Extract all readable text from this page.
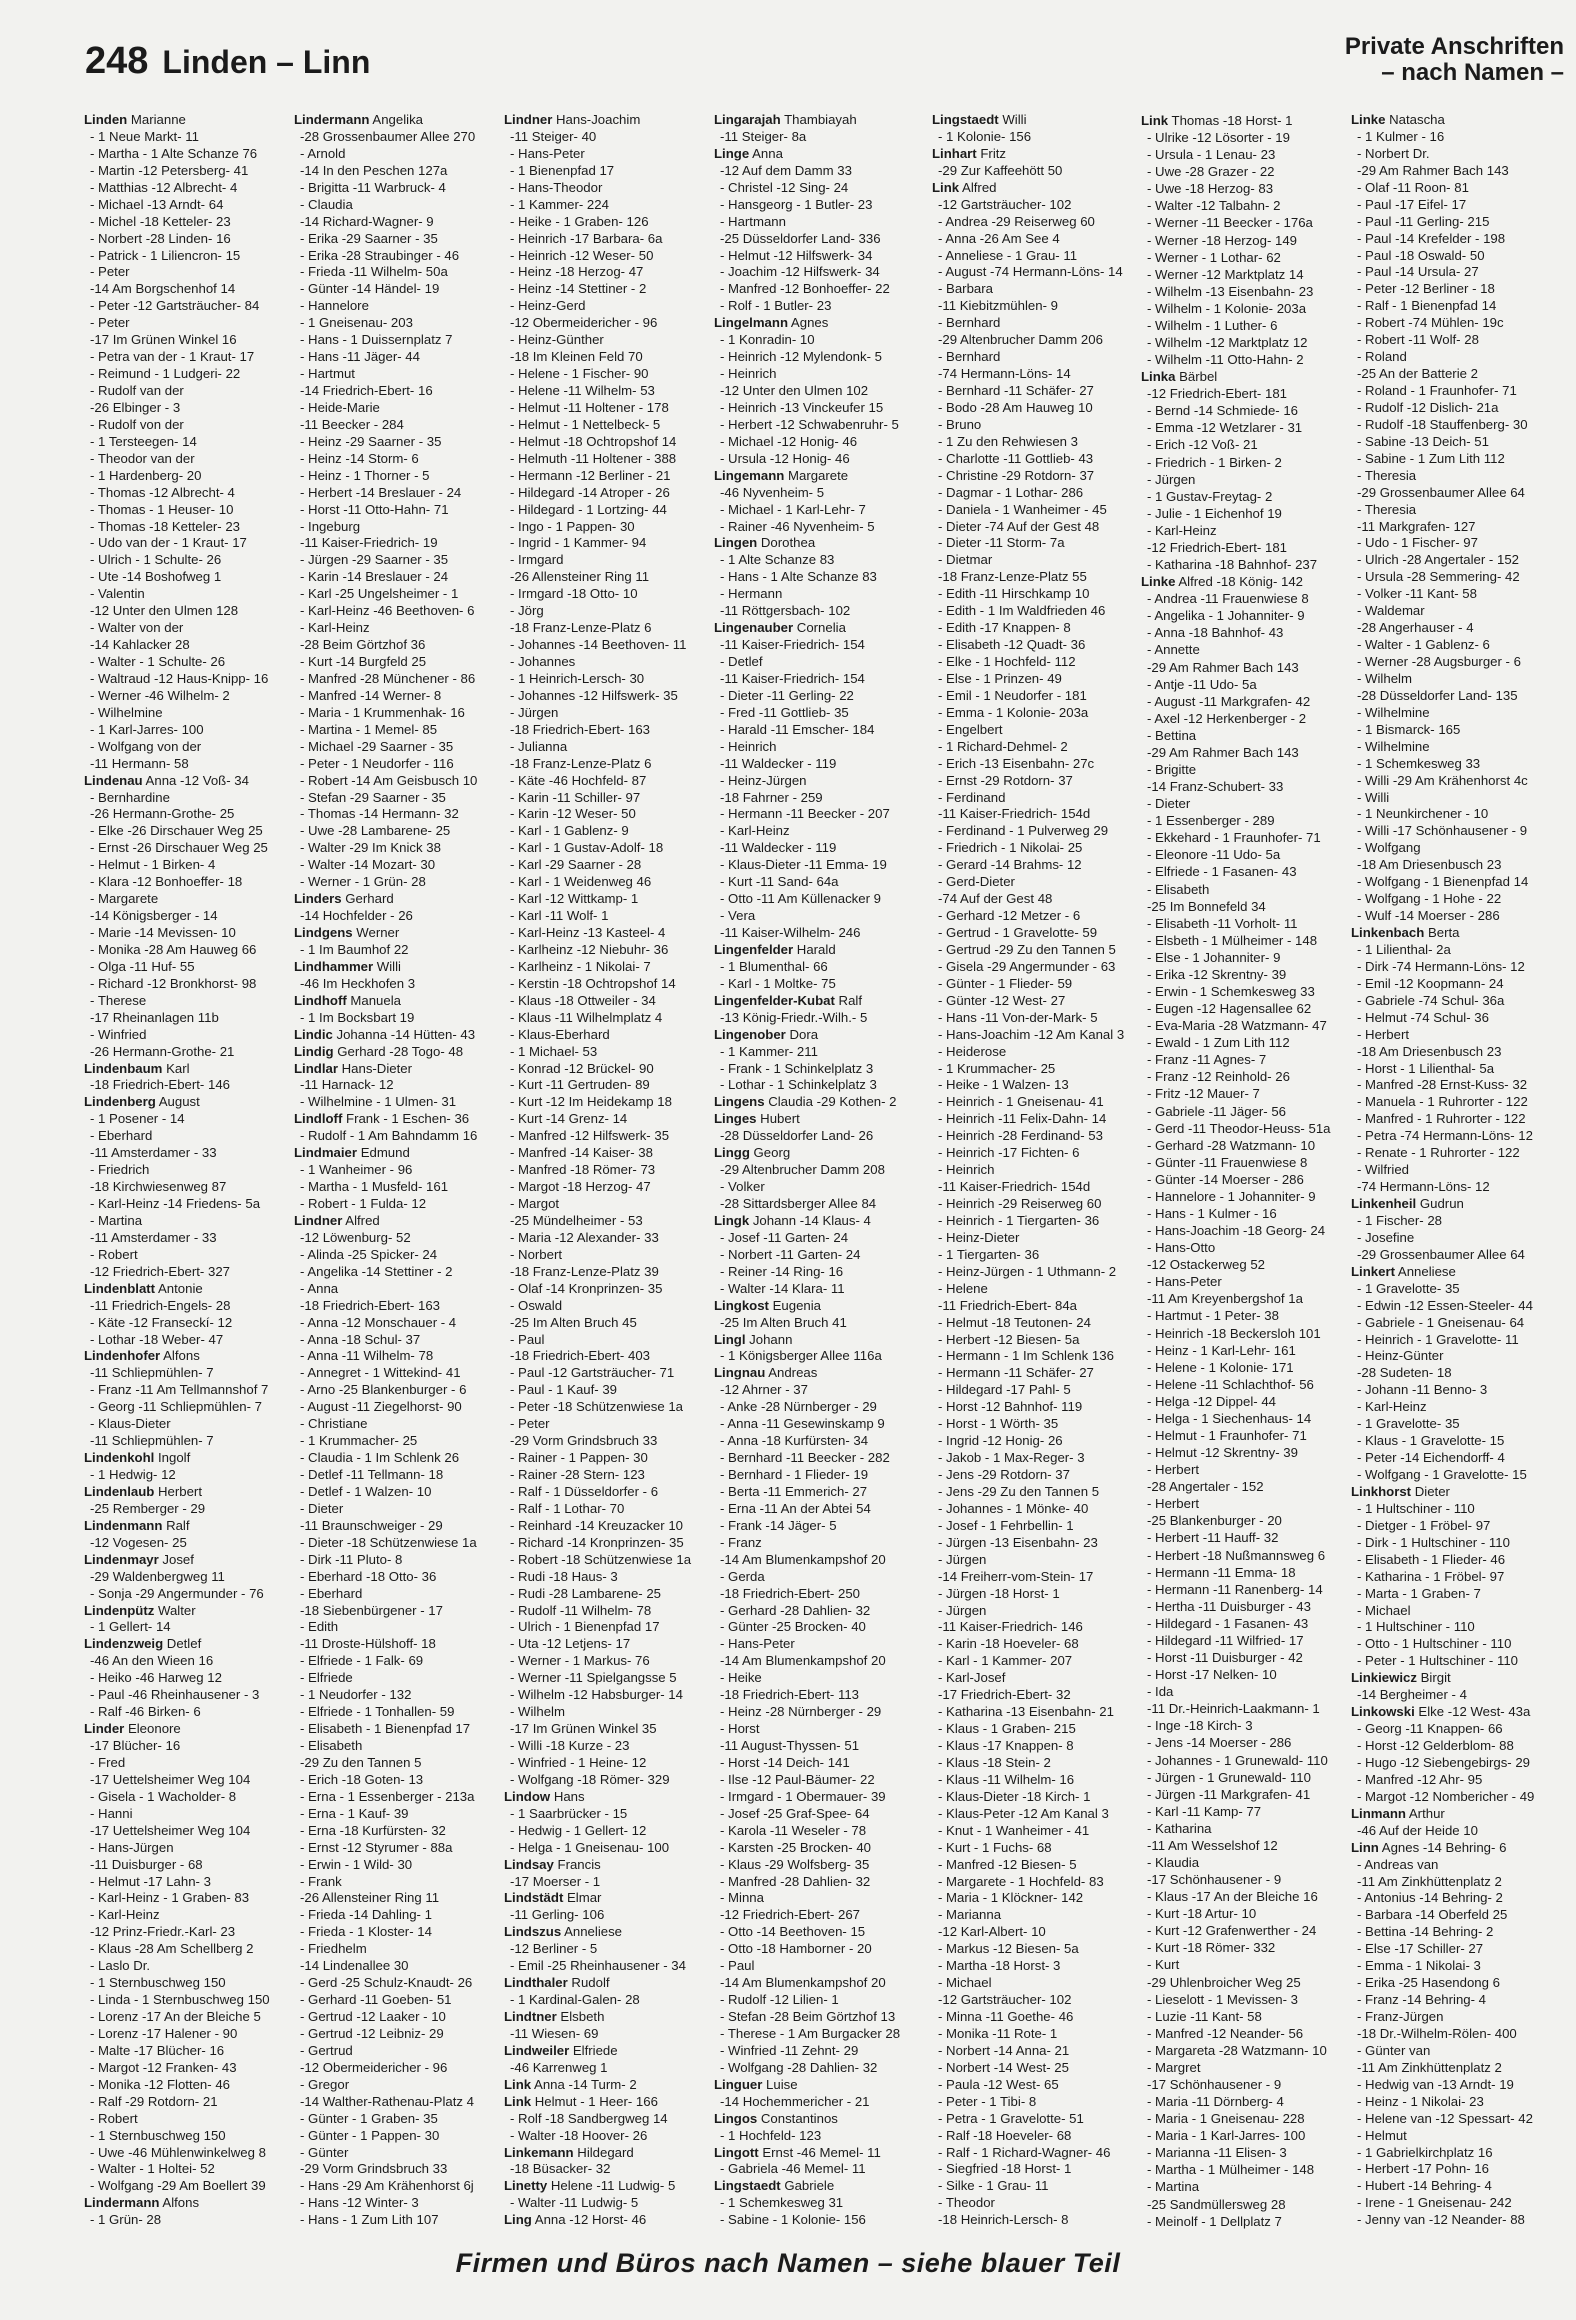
248 Linden – Linn	Private Anschriften
– nach Namen –
Linden Marianne
- 1 Neue Markt- 11
- Martha - 1 Alte Schanze 76
- Martin -12 Petersberg- 41
- Matthias -12 Albrecht- 4
- Michael -13 Arndt- 64
- Michel -18 Ketteler- 23
- Norbert -28 Linden- 16
- Patrick - 1 Liliencron- 15
- Peter
-14 Am Borgschenhof 14
- Peter -12 Gartsträucher- 84
- Peter
-17 Im Grünen Winkel 16
- Petra van der - 1 Kraut- 17
- Reimund - 1 Ludgeri- 22
- Rudolf van der
-26 Elbinger - 3
- Rudolf von der
- 1 Tersteegen- 14
- Theodor van der
- 1 Hardenberg- 20
- Thomas -12 Albrecht- 4
- Thomas - 1 Heuser- 10
- Thomas -18 Ketteler- 23
- Udo van der - 1 Kraut- 17
- Ulrich - 1 Schulte- 26
- Ute -14 Boshofweg 1
- Valentin
-12 Unter den Ulmen 128
- Walter von der
-14 Kahlacker 28
- Walter - 1 Schulte- 26
- Waltraud -12 Haus-Knipp- 16
- Werner -46 Wilhelm- 2
- Wilhelmine
- 1 Karl-Jarres- 100
- Wolfgang von der
-11 Hermann- 58
Lindenau Anna -12 Voß- 34
- Bernhardine
-26 Hermann-Grothe- 25
- Elke -26 Dirschauer Weg 25
- Ernst -26 Dirschauer Weg 25
- Helmut - 1 Birken- 4
- Klara -12 Bonhoeffer- 18
- Margarete
-14 Königsberger - 14
- Marie -14 Mevissen- 10
- Monika -28 Am Hauweg 66
- Olga -11 Huf- 55
- Richard -12 Bronkhorst- 98
- Therese
-17 Rheinanlagen 11b
- Winfried
-26 Hermann-Grothe- 21
Lindenbaum Karl
-18 Friedrich-Ebert- 146
Lindenberg August
- 1 Posener - 14
- Eberhard
-11 Amsterdamer - 33
- Friedrich
-18 Kirchwiesenweg 87
- Karl-Heinz -14 Friedens- 5a
- Martina
-11 Amsterdamer - 33
- Robert
-12 Friedrich-Ebert- 327
Lindenblatt Antonie
-11 Friedrich-Engels- 28
- Käte -12 Franseckí- 12
- Lothar -18 Weber- 47
Lindenhofer Alfons
-11 Schliepmühlen- 7
- Franz -11 Am Tellmannshof 7
- Georg -11 Schliepmühlen- 7
- Klaus-Dieter
-11 Schliepmühlen- 7
Lindenkohl Ingolf
- 1 Hedwig- 12
Lindenlaub Herbert
-25 Remberger - 29
Lindenmann Ralf
-12 Vogesen- 25
Lindenmayr Josef
-29 Waldenbergweg 11
- Sonja -29 Angermunder - 76
Lindenpütz Walter
- 1 Gellert- 14
Lindenzweig Detlef
-46 An den Wieen 16
- Heiko -46 Harweg 12
- Paul -46 Rheinhausener - 3
- Ralf -46 Birken- 6
Linder Eleonore
-17 Blücher- 16
- Fred
-17 Uettelsheimer Weg 104
- Gisela - 1 Wacholder- 8
- Hanni
-17 Uettelsheimer Weg 104
- Hans-Jürgen
-11 Duisburger - 68
- Helmut -17 Lahn- 3
- Karl-Heinz - 1 Graben- 83
- Karl-Heinz
-12 Prinz-Friedr.-Karl- 23
- Klaus -28 Am Schellberg 2
- Laslo Dr.
- 1 Sternbuschweg 150
- Linda - 1 Sternbuschweg 150
- Lorenz -17 An der Bleiche 5
- Lorenz -17 Halener - 90
- Malte -17 Blücher- 16
- Margot -12 Franken- 43
- Monika -12 Flotten- 46
- Ralf -29 Rotdorn- 21
- Robert
- 1 Sternbuschweg 150
- Uwe -46 Mühlenwinkelweg 8
- Walter - 1 Holtei- 52
- Wolfgang -29 Am Boellert 39
Lindermann Alfons
- 1 Grün- 28
Lindermann Angelika
-28 Grossenbaumer Allee 270
- Arnold
-14 In den Peschen 127a
- Brigitta -11 Warbruck- 4
- Claudia
-14 Richard-Wagner- 9
- Erika -29 Saarner - 35
- Erika -28 Straubinger - 46
- Frieda -11 Wilhelm- 50a
- Günter -14 Händel- 19
- Hannelore
- 1 Gneisenau- 203
- Hans - 1 Duissernplatz 7
- Hans -11 Jäger- 44
- Hartmut
-14 Friedrich-Ebert- 16
- Heide-Marie
-11 Beecker - 284
- Heinz -29 Saarner - 35
- Heinz -14 Storm- 6
- Heinz - 1 Thorner - 5
- Herbert -14 Breslauer - 24
- Horst -11 Otto-Hahn- 71
- Ingeburg
-11 Kaiser-Friedrich- 19
- Jürgen -29 Saarner - 35
- Karin -14 Breslauer - 24
- Karl -25 Ungelsheimer - 1
- Karl-Heinz -46 Beethoven- 6
- Karl-Heinz
-28 Beim Görtzhof 36
- Kurt -14 Burgfeld 25
- Manfred -28 Münchener - 86
- Manfred -14 Werner- 8
- Maria - 1 Krummenhak- 16
- Martina - 1 Memel- 85
- Michael -29 Saarner - 35
- Peter - 1 Neudorfer - 116
- Robert -14 Am Geisbusch 10
- Stefan -29 Saarner - 35
- Thomas -14 Hermann- 32
- Uwe -28 Lambarene- 25
- Walter -29 Im Knick 38
- Walter -14 Mozart- 30
- Werner - 1 Grün- 28
Linders Gerhard
-14 Hochfelder - 26
Lindgens Werner
- 1 Im Baumhof 22
Lindhammer Willi
-46 Im Heckhofen 3
Lindhoff Manuela
- 1 Im Bocksbart 19
Lindic Johanna -14 Hütten- 43
Lindig Gerhard -28 Togo- 48
Lindlar Hans-Dieter
-11 Harnack- 12
- Wilhelmine - 1 Ulmen- 31
Lindloff Frank - 1 Eschen- 36
- Rudolf - 1 Am Bahndamm 16
Lindmaier Edmund
- 1 Wanheimer - 96
- Martha - 1 Musfeld- 161
- Robert - 1 Fulda- 12
Lindner Alfred
-12 Löwenburg- 52
- Alinda -25 Spicker- 24
- Angelika -14 Stettiner - 2
- Anna
-18 Friedrich-Ebert- 163
- Anna -12 Monschauer - 4
- Anna -18 Schul- 37
- Anna -11 Wilhelm- 78
- Annegret - 1 Wittekind- 41
- Arno -25 Blankenburger - 6
- August -11 Ziegelhorst- 90
- Christiane
- 1 Krummacher- 25
- Claudia - 1 Im Schlenk 26
- Detlef -11 Tellmann- 18
- Detlef - 1 Walzen- 10
- Dieter
-11 Braunschweiger - 29
- Dieter -18 Schützenwiese 1a
- Dirk -11 Pluto- 8
- Eberhard -18 Otto- 36
- Eberhard
-18 Siebenbürgener - 17
- Edith
-11 Droste-Hülshoff- 18
- Elfriede - 1 Falk- 69
- Elfriede
- 1 Neudorfer - 132
- Elfriede - 1 Tonhallen- 59
- Elisabeth - 1 Bienenpfad 17
- Elisabeth
-29 Zu den Tannen 5
- Erich -18 Goten- 13
- Erna - 1 Essenberger - 213a
- Erna - 1 Kauf- 39
- Erna -18 Kurfürsten- 32
- Ernst -12 Styrumer - 88a
- Erwin - 1 Wild- 30
- Frank
-26 Allensteiner Ring 11
- Frieda -14 Dahling- 1
- Frieda - 1 Kloster- 14
- Friedhelm
-14 Lindenallee 30
- Gerd -25 Schulz-Knaudt- 26
- Gerhard -11 Goeben- 51
- Gertrud -12 Laaker - 10
- Gertrud -12 Leibniz- 29
- Gertrud
-12 Obermeidericher - 96
- Gregor
-14 Walther-Rathenau-Platz 4
- Günter - 1 Graben- 35
- Günter - 1 Pappen- 30
- Günter
-29 Vorm Grindsbruch 33
- Hans -29 Am Krähenhorst 6j
- Hans -12 Winter- 3
- Hans - 1 Zum Lith 107
Lindner Hans-Joachim
-11 Steiger- 40
- Hans-Peter
- 1 Bienenpfad 17
- Hans-Theodor
- 1 Kammer- 224
- Heike - 1 Graben- 126
- Heinrich -17 Barbara- 6a
- Heinrich -12 Weser- 50
- Heinz -18 Herzog- 47
- Heinz -14 Stettiner - 2
- Heinz-Gerd
-12 Obermeidericher - 96
- Heinz-Günther
-18 Im Kleinen Feld 70
- Helene - 1 Fischer- 90
- Helene -11 Wilhelm- 53
- Helmut -11 Holtener - 178
- Helmut - 1 Nettelbeck- 5
- Helmut -18 Ochtropshof 14
- Helmuth -11 Holtener - 388
- Hermann -12 Berliner - 21
- Hildegard -14 Atroper - 26
- Hildegard - 1 Lortzing- 44
- Ingo - 1 Pappen- 30
- Ingrid - 1 Kammer- 94
- Irmgard
-26 Allensteiner Ring 11
- Irmgard -18 Otto- 10
- Jörg
-18 Franz-Lenze-Platz 6
- Johannes -14 Beethoven- 11
- Johannes
- 1 Heinrich-Lersch- 30
- Johannes -12 Hilfswerk- 35
- Jürgen
-18 Friedrich-Ebert- 163
- Julianna
-18 Franz-Lenze-Platz 6
- Käte -46 Hochfeld- 87
- Karin -11 Schiller- 97
- Karin -12 Weser- 50
- Karl - 1 Gablenz- 9
- Karl - 1 Gustav-Adolf- 18
- Karl -29 Saarner - 28
- Karl - 1 Weidenweg 46
- Karl -12 Wittkamp- 1
- Karl -11 Wolf- 1
- Karl-Heinz -13 Kasteel- 4
- Karlheinz -12 Niebuhr- 36
- Karlheinz - 1 Nikolai- 7
- Kerstin -18 Ochtropshof 14
- Klaus -18 Ottweiler - 34
- Klaus -11 Wilhelmplatz 4
- Klaus-Eberhard
- 1 Michael- 53
- Konrad -12 Brückel- 90
- Kurt -11 Gertruden- 89
- Kurt -12 Im Heidekamp 18
- Kurt -14 Grenz- 14
- Manfred -12 Hilfswerk- 35
- Manfred -14 Kaiser- 38
- Manfred -18 Römer- 73
- Margot -18 Herzog- 47
- Margot
-25 Mündelheimer - 53
- Maria -12 Alexander- 33
- Norbert
-18 Franz-Lenze-Platz 39
- Olaf -14 Kronprinzen- 35
- Oswald
-25 Im Alten Bruch 45
- Paul
-18 Friedrich-Ebert- 403
- Paul -12 Gartsträucher- 71
- Paul - 1 Kauf- 39
- Peter -18 Schützenwiese 1a
- Peter
-29 Vorm Grindsbruch 33
- Rainer - 1 Pappen- 30
- Rainer -28 Stern- 123
- Ralf - 1 Düsseldorfer - 6
- Ralf - 1 Lothar- 70
- Reinhard -14 Kreuzacker 10
- Richard -14 Kronprinzen- 35
- Robert -18 Schützenwiese 1a
- Rudi -18 Haus- 3
- Rudi -28 Lambarene- 25
- Rudolf -11 Wilhelm- 78
- Ulrich - 1 Bienenpfad 17
- Uta -12 Letjens- 17
- Werner - 1 Markus- 76
- Werner -11 Spielgangsse 5
- Wilhelm -12 Habsburger- 14
- Wilhelm
-17 Im Grünen Winkel 35
- Willi -18 Kurze - 23
- Winfried - 1 Heine- 12
- Wolfgang -18 Römer- 329
Lindow Hans
- 1 Saarbrücker - 15
- Hedwig - 1 Gellert- 12
- Helga - 1 Gneisenau- 100
Lindsay Francis
-17 Moerser - 1
Lindstädt Elmar
-11 Gerling- 106
Lindszus Anneliese
-12 Berliner - 5
- Emil -25 Rheinhausener - 34
Lindthaler Rudolf
- 1 Kardinal-Galen- 28
Lindtner Elsbeth
-11 Wiesen- 69
Lindweiler Elfriede
-46 Karrenweg 1
Link Anna -14 Turm- 2
Link Helmut - 1 Heer- 166
- Rolf -18 Sandbergweg 14
- Walter -18 Hoover- 26
Linkemann Hildegard
-18 Büsacker- 32
Linetty Helene -11 Ludwig- 5
- Walter -11 Ludwig- 5
Ling Anna -12 Horst- 46
Lingarajah Thambiayah
-11 Steiger- 8a
Linge Anna
-12 Auf dem Damm 33
- Christel -12 Sing- 24
- Hansgeorg - 1 Butler- 23
- Hartmann
-25 Düsseldorfer Land- 336
- Helmut -12 Hilfswerk- 34
- Joachim -12 Hilfswerk- 34
- Manfred -12 Bonhoeffer- 22
- Rolf - 1 Butler- 23
Lingelmann Agnes
- 1 Konradin- 10
- Heinrich -12 Mylendonk- 5
- Heinrich
-12 Unter den Ulmen 102
- Heinrich -13 Vinckeufer 15
- Herbert -12 Schwabenruhr- 5
- Michael -12 Honig- 46
- Ursula -12 Honig- 46
Lingemann Margarete
-46 Nyvenheim- 5
- Michael - 1 Karl-Lehr- 7
- Rainer -46 Nyvenheim- 5
Lingen Dorothea
- 1 Alte Schanze 83
- Hans - 1 Alte Schanze 83
- Hermann
-11 Röttgersbach- 102
Lingenauber Cornelia
-11 Kaiser-Friedrich- 154
- Detlef
-11 Kaiser-Friedrich- 154
- Dieter -11 Gerling- 22
- Fred -11 Gottlieb- 35
- Harald -11 Emscher- 184
- Heinrich
-11 Waldecker - 119
- Heinz-Jürgen
-18 Fahrner - 259
- Hermann -11 Beecker - 207
- Karl-Heinz
-11 Waldecker - 119
- Klaus-Dieter -11 Emma- 19
- Kurt -11 Sand- 64a
- Otto -11 Am Küllenacker 9
- Vera
-11 Kaiser-Wilhelm- 246
Lingenfelder Harald
- 1 Blumenthal- 66
- Karl - 1 Moltke- 75
Lingenfelder-Kubat Ralf
-13 König-Friedr.-Wilh.- 5
Lingenober Dora
- 1 Kammer- 211
- Frank - 1 Schinkelplatz 3
- Lothar - 1 Schinkelplatz 3
Lingens Claudia -29 Kothen- 2
Linges Hubert
-28 Düsseldorfer Land- 26
Lingg Georg
-29 Altenbrucher Damm 208
- Volker
-28 Sittardsberger Allee 84
Lingk Johann -14 Klaus- 4
- Josef -11 Garten- 24
- Norbert -11 Garten- 24
- Reiner -14 Ring- 16
- Walter -14 Klara- 11
Lingkost Eugenia
-25 Im Alten Bruch 41
Lingl Johann
- 1 Königsberger Allee 116a
Lingnau Andreas
-12 Ahrner - 37
- Anke -28 Nürnberger - 29
- Anna -11 Gesewinskamp 9
- Anna -18 Kurfürsten- 34
- Bernhard -11 Beecker - 282
- Bernhard - 1 Flieder- 19
- Berta -11 Emmerich- 27
- Erna -11 An der Abtei 54
- Frank -14 Jäger- 5
- Franz
-14 Am Blumenkampshof 20
- Gerda
-18 Friedrich-Ebert- 250
- Gerhard -28 Dahlien- 32
- Günter -25 Brocken- 40
- Hans-Peter
-14 Am Blumenkampshof 20
- Heike
-18 Friedrich-Ebert- 113
- Heinz -28 Nürnberger - 29
- Horst
-11 August-Thyssen- 51
- Horst -14 Deich- 141
- Ilse -12 Paul-Bäumer- 22
- Irmgard - 1 Obermauer- 39
- Josef -25 Graf-Spee- 64
- Karola -11 Weseler - 78
- Karsten -25 Brocken- 40
- Klaus -29 Wolfsberg- 35
- Manfred -28 Dahlien- 32
- Minna
-12 Friedrich-Ebert- 267
- Otto -14 Beethoven- 15
- Otto -18 Hamborner - 20
- Paul
-14 Am Blumenkampshof 20
- Rudolf -12 Lilien- 1
- Stefan -28 Beim Görtzhof 13
- Therese - 1 Am Burgacker 28
- Winfried -11 Zehnt- 29
- Wolfgang -28 Dahlien- 32
Linguer Luise
-14 Hochemmericher - 21
Lingos Constantinos
- 1 Hochfeld- 123
Lingott Ernst -46 Memel- 11
- Gabriela -46 Memel- 11
Lingstaedt Gabriele
- 1 Schemkesweg 31
- Sabine - 1 Kolonie- 156
Lingstaedt Willi
- 1 Kolonie- 156
Linhart Fritz
-29 Zur Kaffeehött 50
Link Alfred
-12 Gartsträucher- 102
- Andrea -29 Reiserweg 60
- Anna -26 Am See 4
- Anneliese - 1 Grau- 11
- August -74 Hermann-Löns- 14
- Barbara
-11 Kiebitzmühlen- 9
- Bernhard
-29 Altenbrucher Damm 206
- Bernhard
-74 Hermann-Löns- 14
- Bernhard -11 Schäfer- 27
- Bodo -28 Am Hauweg 10
- Bruno
- 1 Zu den Rehwiesen 3
- Charlotte -11 Gottlieb- 43
- Christine -29 Rotdorn- 37
- Dagmar - 1 Lothar- 286
- Daniela - 1 Wanheimer - 45
- Dieter -74 Auf der Gest 48
- Dieter -11 Storm- 7a
- Dietmar
-18 Franz-Lenze-Platz 55
- Edith -11 Hirschkamp 10
- Edith - 1 Im Waldfrieden 46
- Edith -17 Knappen- 8
- Elisabeth -12 Quadt- 36
- Elke - 1 Hochfeld- 112
- Else - 1 Prinzen- 49
- Emil - 1 Neudorfer - 181
- Emma - 1 Kolonie- 203a
- Engelbert
- 1 Richard-Dehmel- 2
- Erich -13 Eisenbahn- 27c
- Ernst -29 Rotdorn- 37
- Ferdinand
-11 Kaiser-Friedrich- 154d
- Ferdinand - 1 Pulverweg 29
- Friedrich - 1 Nikolai- 25
- Gerard -14 Brahms- 12
- Gerd-Dieter
-74 Auf der Gest 48
- Gerhard -12 Metzer - 6
- Gertrud - 1 Gravelotte- 59
- Gertrud -29 Zu den Tannen 5
- Gisela -29 Angermunder - 63
- Günter - 1 Flieder- 59
- Günter -12 West- 27
- Hans -11 Von-der-Mark- 5
- Hans-Joachim -12 Am Kanal 3
- Heiderose
- 1 Krummacher- 25
- Heike - 1 Walzen- 13
- Heinrich - 1 Gneisenau- 41
- Heinrich -11 Felix-Dahn- 14
- Heinrich -28 Ferdinand- 53
- Heinrich -17 Fichten- 6
- Heinrich
-11 Kaiser-Friedrich- 154d
- Heinrich -29 Reiserweg 60
- Heinrich - 1 Tiergarten- 36
- Heinz-Dieter
- 1 Tiergarten- 36
- Heinz-Jürgen - 1 Uthmann- 2
- Helene
-11 Friedrich-Ebert- 84a
- Helmut -18 Teutonen- 24
- Herbert -12 Biesen- 5a
- Hermann - 1 Im Schlenk 136
- Hermann -11 Schäfer- 27
- Hildegard -17 Pahl- 5
- Horst -12 Bahnhof- 119
- Horst - 1 Wörth- 35
- Ingrid -12 Honig- 26
- Jakob - 1 Max-Reger- 3
- Jens -29 Rotdorn- 37
- Jens -29 Zu den Tannen 5
- Johannes - 1 Mönke- 40
- Josef - 1 Fehrbellin- 1
- Jürgen -13 Eisenbahn- 23
- Jürgen
-14 Freiherr-vom-Stein- 17
- Jürgen -18 Horst- 1
- Jürgen
-11 Kaiser-Friedrich- 146
- Karin -18 Hoeveler- 68
- Karl - 1 Kammer- 207
- Karl-Josef
-17 Friedrich-Ebert- 32
- Katharina -13 Eisenbahn- 21
- Klaus - 1 Graben- 215
- Klaus -17 Knappen- 8
- Klaus -18 Stein- 2
- Klaus -11 Wilhelm- 16
- Klaus-Dieter -18 Kirch- 1
- Klaus-Peter -12 Am Kanal 3
- Knut - 1 Wanheimer - 41
- Kurt - 1 Fuchs- 68
- Manfred -12 Biesen- 5
- Margarete - 1 Hochfeld- 83
- Maria - 1 Klöckner- 142
- Marianna
-12 Karl-Albert- 10
- Markus -12 Biesen- 5a
- Martha -18 Horst- 3
- Michael
-12 Gartsträucher- 102
- Minna -11 Goethe- 46
- Monika -11 Rote- 1
- Norbert -14 Anna- 21
- Norbert -14 West- 25
- Paula -12 West- 65
- Peter - 1 Tibi- 8
- Petra - 1 Gravelotte- 51
- Ralf -18 Hoeveler- 68
- Ralf - 1 Richard-Wagner- 46
- Siegfried -18 Horst- 1
- Silke - 1 Grau- 11
- Theodor
-18 Heinrich-Lersch- 8
Link Thomas -18 Horst- 1
- Ulrike -12 Lösorter - 19
- Ursula - 1 Lenau- 23
- Uwe -28 Grazer - 22
- Uwe -18 Herzog- 83
- Walter -12 Talbahn- 2
- Werner -11 Beecker - 176a
- Werner -18 Herzog- 149
- Werner - 1 Lothar- 62
- Werner -12 Marktplatz 14
- Wilhelm -13 Eisenbahn- 23
- Wilhelm - 1 Kolonie- 203a
- Wilhelm - 1 Luther- 6
- Wilhelm -12 Marktplatz 12
- Wilhelm -11 Otto-Hahn- 2
Linka Bärbel
-12 Friedrich-Ebert- 181
- Bernd -14 Schmiede- 16
- Emma -12 Wetzlarer - 31
- Erich -12 Voß- 21
- Friedrich - 1 Birken- 2
- Jürgen
- 1 Gustav-Freytag- 2
- Julie - 1 Eichenhof 19
- Karl-Heinz
-12 Friedrich-Ebert- 181
- Katharina -18 Bahnhof- 237
Linke Alfred -18 König- 142
- Andrea -11 Frauenwiese 8
- Angelika - 1 Johanniter- 9
- Anna -18 Bahnhof- 43
- Annette
-29 Am Rahmer Bach 143
- Antje -11 Udo- 5a
- August -11 Markgrafen- 42
- Axel -12 Herkenberger - 2
- Bettina
-29 Am Rahmer Bach 143
- Brigitte
-14 Franz-Schubert- 33
- Dieter
- 1 Essenberger - 289
- Ekkehard - 1 Fraunhofer- 71
- Eleonore -11 Udo- 5a
- Elfriede - 1 Fasanen- 43
- Elisabeth
-25 Im Bonnefeld 34
- Elisabeth -11 Vorholt- 11
- Elsbeth - 1 Mülheimer - 148
- Else - 1 Johanniter- 9
- Erika -12 Skrentny- 39
- Erwin - 1 Schemkesweg 33
- Eugen -12 Hagensallee 62
- Eva-Maria -28 Watzmann- 47
- Ewald - 1 Zum Lith 112
- Franz -11 Agnes- 7
- Franz -12 Reinhold- 26
- Fritz -12 Mauer- 7
- Gabriele -11 Jäger- 56
- Gerd -11 Theodor-Heuss- 51a
- Gerhard -28 Watzmann- 10
- Günter -11 Frauenwiese 8
- Günter -14 Moerser - 286
- Hannelore - 1 Johanniter- 9
- Hans - 1 Kulmer - 16
- Hans-Joachim -18 Georg- 24
- Hans-Otto
-12 Ostackerweg 52
- Hans-Peter
-11 Am Kreyenbergshof 1a
- Hartmut - 1 Peter- 38
- Heinrich -18 Beckersloh 101
- Heinz - 1 Karl-Lehr- 161
- Helene - 1 Kolonie- 171
- Helene -11 Schlachthof- 56
- Helga -12 Dippel- 44
- Helga - 1 Siechenhaus- 14
- Helmut - 1 Fraunhofer- 71
- Helmut -12 Skrentny- 39
- Herbert
-28 Angertaler - 152
- Herbert
-25 Blankenburger - 20
- Herbert -11 Hauff- 32
- Herbert -18 Nußmannsweg 6
- Hermann -11 Emma- 18
- Hermann -11 Ranenberg- 14
- Hertha -11 Duisburger - 43
- Hildegard - 1 Fasanen- 43
- Hildegard -11 Wilfried- 17
- Horst -11 Duisburger - 42
- Horst -17 Nelken- 10
- Ida
-11 Dr.-Heinrich-Laakmann- 1
- Inge -18 Kirch- 3
- Jens -14 Moerser - 286
- Johannes - 1 Grunewald- 110
- Jürgen - 1 Grunewald- 110
- Jürgen -11 Markgrafen- 41
- Karl -11 Kamp- 77
- Katharina
-11 Am Wesselshof 12
- Klaudia
-17 Schönhausener - 9
- Klaus -17 An der Bleiche 16
- Kurt -18 Artur- 10
- Kurt -12 Grafenwerther - 24
- Kurt -18 Römer- 332
- Kurt
-29 Uhlenbroicher Weg 25
- Lieselott - 1 Mevissen- 3
- Luzie -11 Kant- 58
- Manfred -12 Neander- 56
- Margareta -28 Watzmann- 10
- Margret
-17 Schönhausener - 9
- Maria -11 Dörnberg- 4
- Maria - 1 Gneisenau- 228
- Maria - 1 Karl-Jarres- 100
- Marianna -11 Elisen- 3
- Martha - 1 Mülheimer - 148
- Martina
-25 Sandmüllersweg 28
- Meinolf - 1 Dellplatz 7
Linke Natascha
- 1 Kulmer - 16
- Norbert Dr.
-29 Am Rahmer Bach 143
- Olaf -11 Roon- 81
- Paul -17 Eifel- 17
- Paul -11 Gerling- 215
- Paul -14 Krefelder - 198
- Paul -18 Oswald- 50
- Paul -14 Ursula- 27
- Peter -12 Berliner - 18
- Ralf - 1 Bienenpfad 14
- Robert -74 Mühlen- 19c
- Robert -11 Wolf- 28
- Roland
-25 An der Batterie 2
- Roland - 1 Fraunhofer- 71
- Rudolf -12 Dislich- 21a
- Rudolf -18 Stauffenberg- 30
- Sabine -13 Deich- 51
- Sabine - 1 Zum Lith 112
- Theresia
-29 Grossenbaumer Allee 64
- Theresia
-11 Markgrafen- 127
- Udo - 1 Fischer- 97
- Ulrich -28 Angertaler - 152
- Ursula -28 Semmering- 42
- Volker -11 Kant- 58
- Waldemar
-28 Angerhauser - 4
- Walter - 1 Gablenz- 6
- Werner -28 Augsburger - 6
- Wilhelm
-28 Düsseldorfer Land- 135
- Wilhelmine
- 1 Bismarck- 165
- Wilhelmine
- 1 Schemkesweg 33
- Willi -29 Am Krähenhorst 4c
- Willi
- 1 Neunkirchener - 10
- Willi -17 Schönhausener - 9
- Wolfgang
-18 Am Driesenbusch 23
- Wolfgang - 1 Bienenpfad 14
- Wolfgang - 1 Hohe - 22
- Wulf -14 Moerser - 286
Linkenbach Berta
- 1 Lilienthal- 2a
- Dirk -74 Hermann-Löns- 12
- Emil -12 Koopmann- 24
- Gabriele -74 Schul- 36a
- Helmut -74 Schul- 36
- Herbert
-18 Am Driesenbusch 23
- Horst - 1 Lilienthal- 5a
- Manfred -28 Ernst-Kuss- 32
- Manuela - 1 Ruhrorter - 122
- Manfred - 1 Ruhrorter - 122
- Petra -74 Hermann-Löns- 12
- Renate - 1 Ruhrorter - 122
- Wilfried
-74 Hermann-Löns- 12
Linkenheil Gudrun
- 1 Fischer- 28
- Josefine
-29 Grossenbaumer Allee 64
Linkert Anneliese
- 1 Gravelotte- 35
- Edwin -12 Essen-Steeler- 44
- Gabriele - 1 Gneisenau- 64
- Heinrich - 1 Gravelotte- 11
- Heinz-Günter
-28 Sudeten- 18
- Johann -11 Benno- 3
- Karl-Heinz
- 1 Gravelotte- 35
- Klaus - 1 Gravelotte- 15
- Peter -14 Eichendorff- 4
- Wolfgang - 1 Gravelotte- 15
Linkhorst Dieter
- 1 Hultschiner - 110
- Dietger - 1 Fröbel- 97
- Dirk - 1 Hultschiner - 110
- Elisabeth - 1 Flieder- 46
- Katharina - 1 Fröbel- 97
- Marta - 1 Graben- 7
- Michael
- 1 Hultschiner - 110
- Otto - 1 Hultschiner - 110
- Peter - 1 Hultschiner - 110
Linkiewicz Birgit
-14 Bergheimer - 4
Linkowski Elke -12 West- 43a
- Georg -11 Knappen- 66
- Horst -12 Gelderblom- 88
- Hugo -12 Siebengebirgs- 29
- Manfred -12 Ahr- 95
- Margot -12 Nombericher - 49
Linmann Arthur
-46 Auf der Heide 10
Linn Agnes -14 Behring- 6
- Andreas van
-11 Am Zinkhüttenplatz 2
- Antonius -14 Behring- 2
- Barbara -14 Oberfeld 25
- Bettina -14 Behring- 2
- Else -17 Schiller- 27
- Emma - 1 Nikolai- 3
- Erika -25 Hasendong 6
- Franz -14 Behring- 4
- Franz-Jürgen
-18 Dr.-Wilhelm-Rölen- 400
- Günter van
-11 Am Zinkhüttenplatz 2
- Hedwig van -13 Arndt- 19
- Heinz - 1 Nikolai- 23
- Helene van -12 Spessart- 42
- Helmut
- 1 Gabrielkirchplatz 16
- Herbert -17 Pohn- 16
- Hubert -14 Behring- 4
- Irene - 1 Gneisenau- 242
- Jenny van -12 Neander- 88
Firmen und Büros nach Namen – siehe blauer Teil
